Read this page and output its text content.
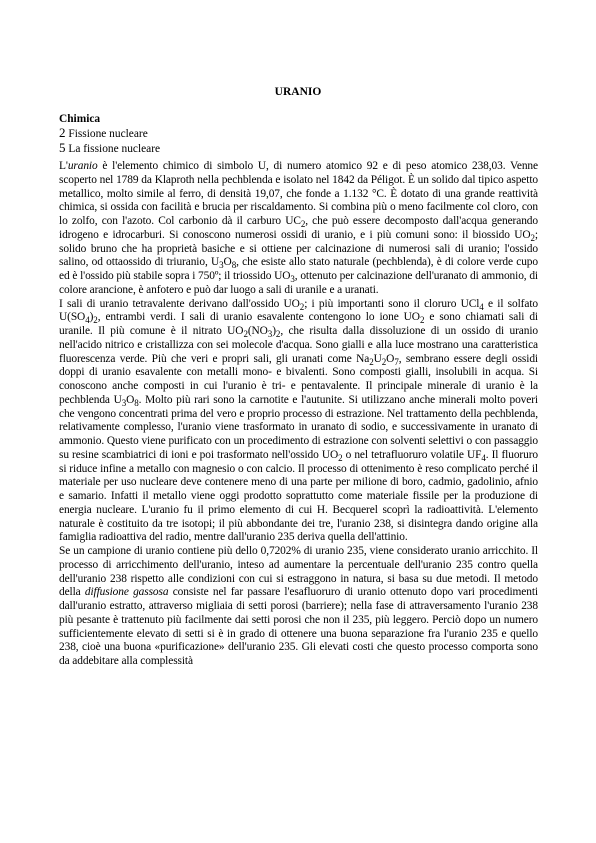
URANIO
Chimica
2 Fissione nucleare
5 La fissione nucleare

L'uranio è l'elemento chimico di simbolo U, di numero atomico 92 e di peso atomico 238,03. Venne scoperto nel 1789 da Klaproth nella pechblenda e isolato nel 1842 da Péligot. È un solido dal tipico aspetto metallico, molto simile al ferro, di densità 19,07, che fonde a 1.132 °C. È dotato di una grande reattività chimica, si ossida con facilità e brucia per riscaldamento. Si combina più o meno facilmente col cloro, con lo zolfo, con l'azoto. Col carbonio dà il carburo $UC_2$, che può essere decomposto dall'acqua generando idrogeno e idrocarburi. Si conoscono numerosi ossidi di uranio, e i più comuni sono: il biossido $UO_2$; solido bruno che ha proprietà basiche e si ottiene per calcinazione di numerosi sali di uranio; l'ossido salino, od ottaossido di triuranio, $U_3O_8$, che esiste allo stato naturale (pechblenda), è di colore verde cupo ed è l'ossido più stabile sopra i 750º; il triossido $UO_3$, ottenuto per calcinazione dell'uranato di ammonio, di colore arancione, è anfotero e può dar luogo a sali di uranile e a uranati.

I sali di uranio tetravalente derivano dall'ossido $UO_2$; i più importanti sono il cloruro UCl$_4$ e il solfato $U(SO_4)_2$, entrambi verdi. I sali di uranio esavalente contengono lo ione $UO_2$ e sono chiamati sali di uranile. Il più comune è il nitrato $UO_2(NO_3)_2$, che risulta dalla dissoluzione di un ossido di uranio nell'acido nitrico e cristallizza con sei molecole d'acqua. Sono gialli e alla luce mostrano una caratteristica fluorescenza verde. Più che veri e propri sali, gli uranati come $Na_2U_2O_7$, sembrano essere degli ossidi doppi di uranio esavalente con metalli mono- e bivalenti. Sono composti gialli, insolubili in acqua. Si conoscono anche composti in cui l'uranio è tri- e pentavalente. Il principale minerale di uranio è la pechblenda $U_3O_8$. Molto più rari sono la carnotite e l'autunite. Si utilizzano anche minerali molto poveri che vengono concentrati prima del vero e proprio processo di estrazione. Nel trattamento della pechblenda, relativamente complesso, l'uranio viene trasformato in uranato di sodio, e successivamente in uranato di ammonio. Questo viene purificato con un procedimento di estrazione con solventi selettivi o con passaggio su resine scambiatrici di ioni e poi trasformato nell'ossido $UO_2$ o nel tetrafluoruro volatile $UF_4$. Il fluoruro si riduce infine a metallo con magnesio o con calcio. Il processo di ottenimento è reso complicato perché il materiale per uso nucleare deve contenere meno di una parte per milione di boro, cadmio, gadolinio, afnio e samario. Infatti il metallo viene oggi prodotto soprattutto come materiale fissile per la produzione di energia nucleare. L'uranio fu il primo elemento di cui H. Becquerel scoprì la radioattività. L'elemento naturale è costituito da tre isotopi; il più abbondante dei tre, l'uranio 238, si disintegra dando origine alla famiglia radioattiva del radio, mentre dall'uranio 235 deriva quella dell'attinio.

Se un campione di uranio contiene più dello 0,7202% di uranio 235, viene considerato uranio arricchito. Il processo di arricchimento dell'uranio, inteso ad aumentare la percentuale dell'uranio 235 contro quella dell'uranio 238 rispetto alle condizioni con cui si estraggono in natura, si basa su due metodi. Il metodo della diffusione gassosa consiste nel far passare l'esafluoruro di uranio ottenuto dopo vari procedimenti dall'uranio estratto, attraverso migliaia di setti porosi (barriere); nella fase di attraversamento l'uranio 238 più pesante è trattenuto più facilmente dai setti porosi che non il 235, più leggero. Perciò dopo un numero sufficientemente elevato di setti si è in grado di ottenere una buona separazione fra l'uranio 235 e quello 238, cioè una buona «purificazione» dell'uranio 235. Gli elevati costi che questo processo comporta sono da addebitare alla complessità
